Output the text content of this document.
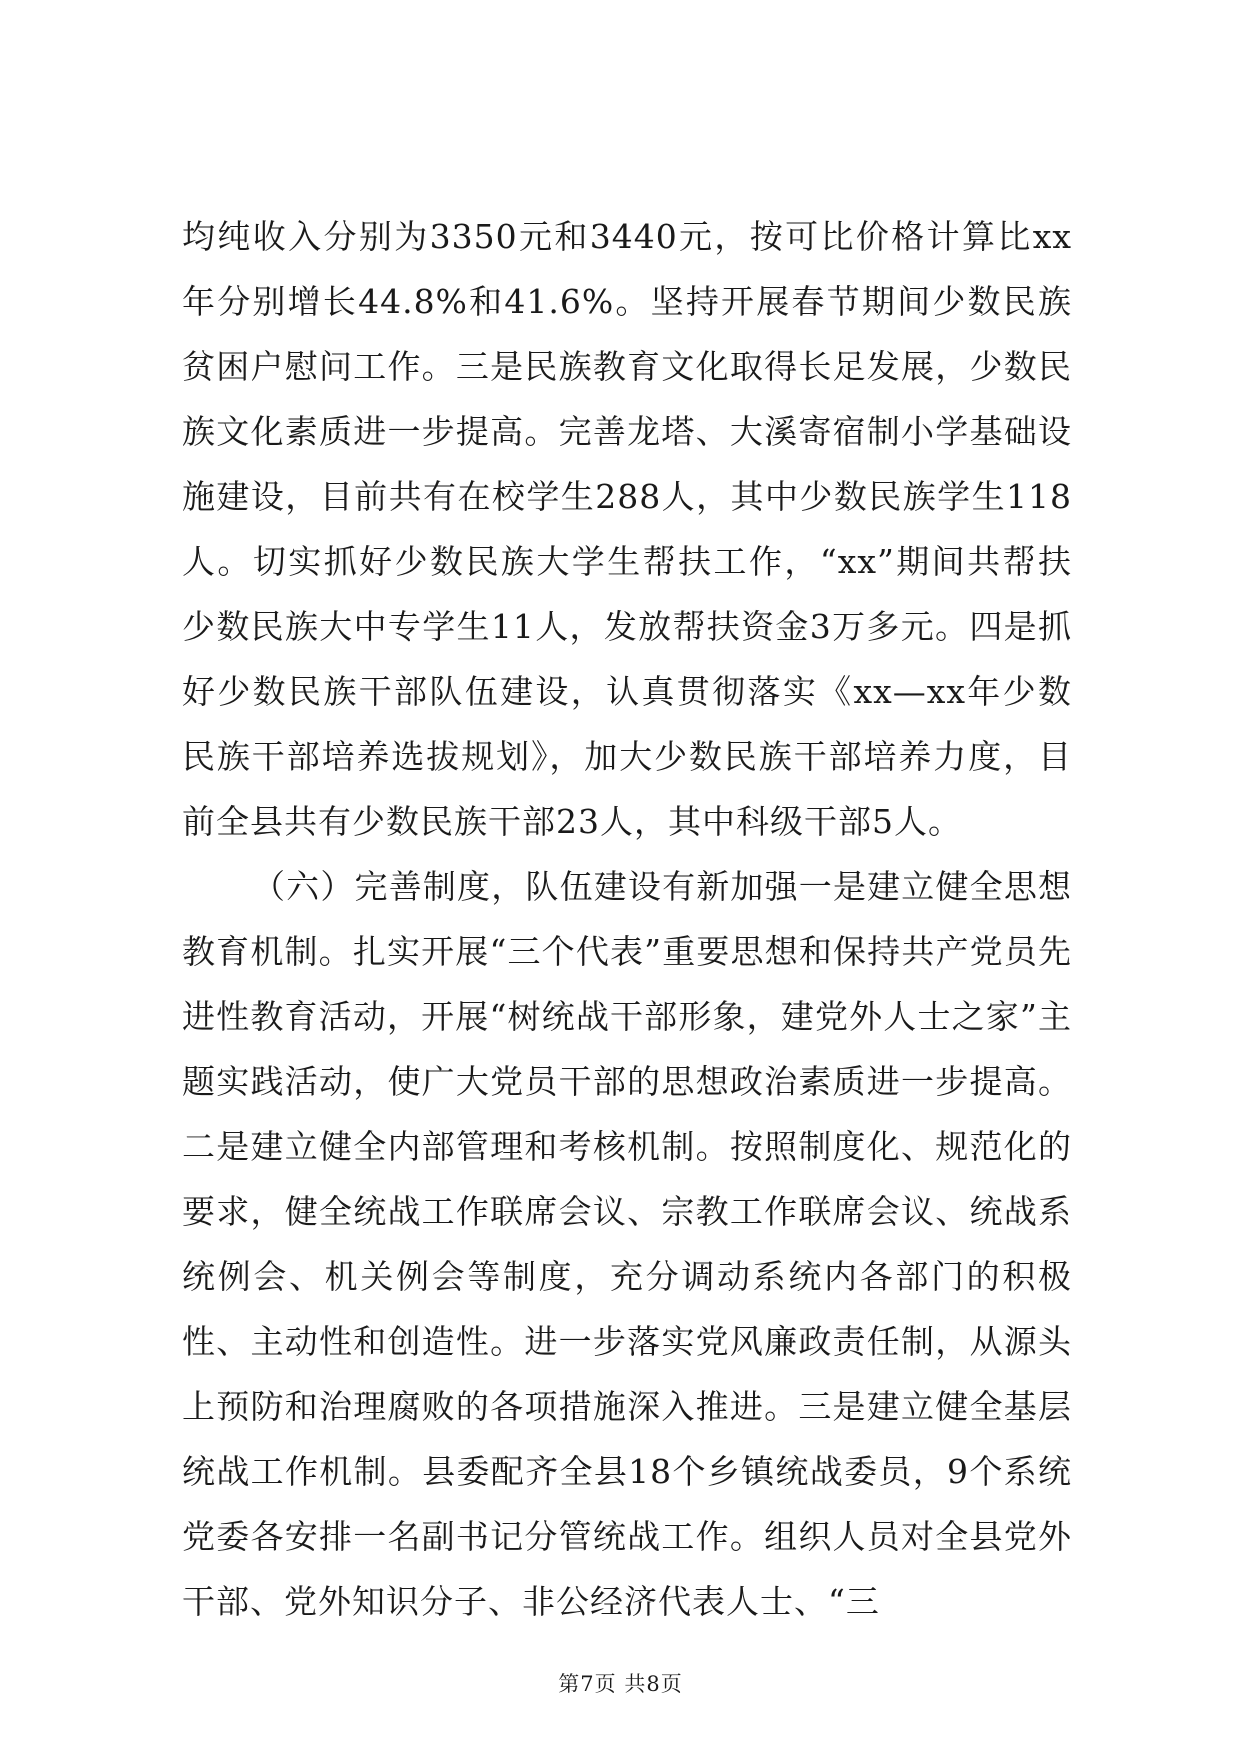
均纯收入分别为3350元和3440元，按可比价格计算比xx年分别增长44.8%和41.6%。坚持开展春节期间少数民族贫困户慰问工作。三是民族教育文化取得长足发展，少数民族文化素质进一步提高。完善龙塔、大溪寄宿制小学基础设施建设，目前共有在校学生288人，其中少数民族学生118人。切实抓好少数民族大学生帮扶工作，“xx”期间共帮扶少数民族大中专学生11人，发放帮扶资金3万多元。四是抓好少数民族干部队伍建设，认真贯彻落实《xx—xx年少数民族干部培养选拔规划》，加大少数民族干部培养力度，目前全县共有少数民族干部23人，其中科级干部5人。

（六）完善制度，队伍建设有新加强一是建立健全思想教育机制。扎实开展“三个代表”重要思想和保持共产党员先进性教育活动，开展“树统战干部形象，建党外人士之家”主题实践活动，使广大党员干部的思想政治素质进一步提高。二是建立健全内部管理和考核机制。按照制度化、规范化的要求，健全统战工作联席会议、宗教工作联席会议、统战系统例会、机关例会等制度，充分调动系统内各部门的积极性、主动性和创造性。进一步落实党风廉政责任制，从源头上预防和治理腐败的各项措施深入推进。三是建立健全基层统战工作机制。县委配齐全县18个乡镇统战委员，9个系统党委各安排一名副书记分管统战工作。组织人员对全县党外干部、党外知识分子、非公经济代表人士、“三

第7页 共8页
